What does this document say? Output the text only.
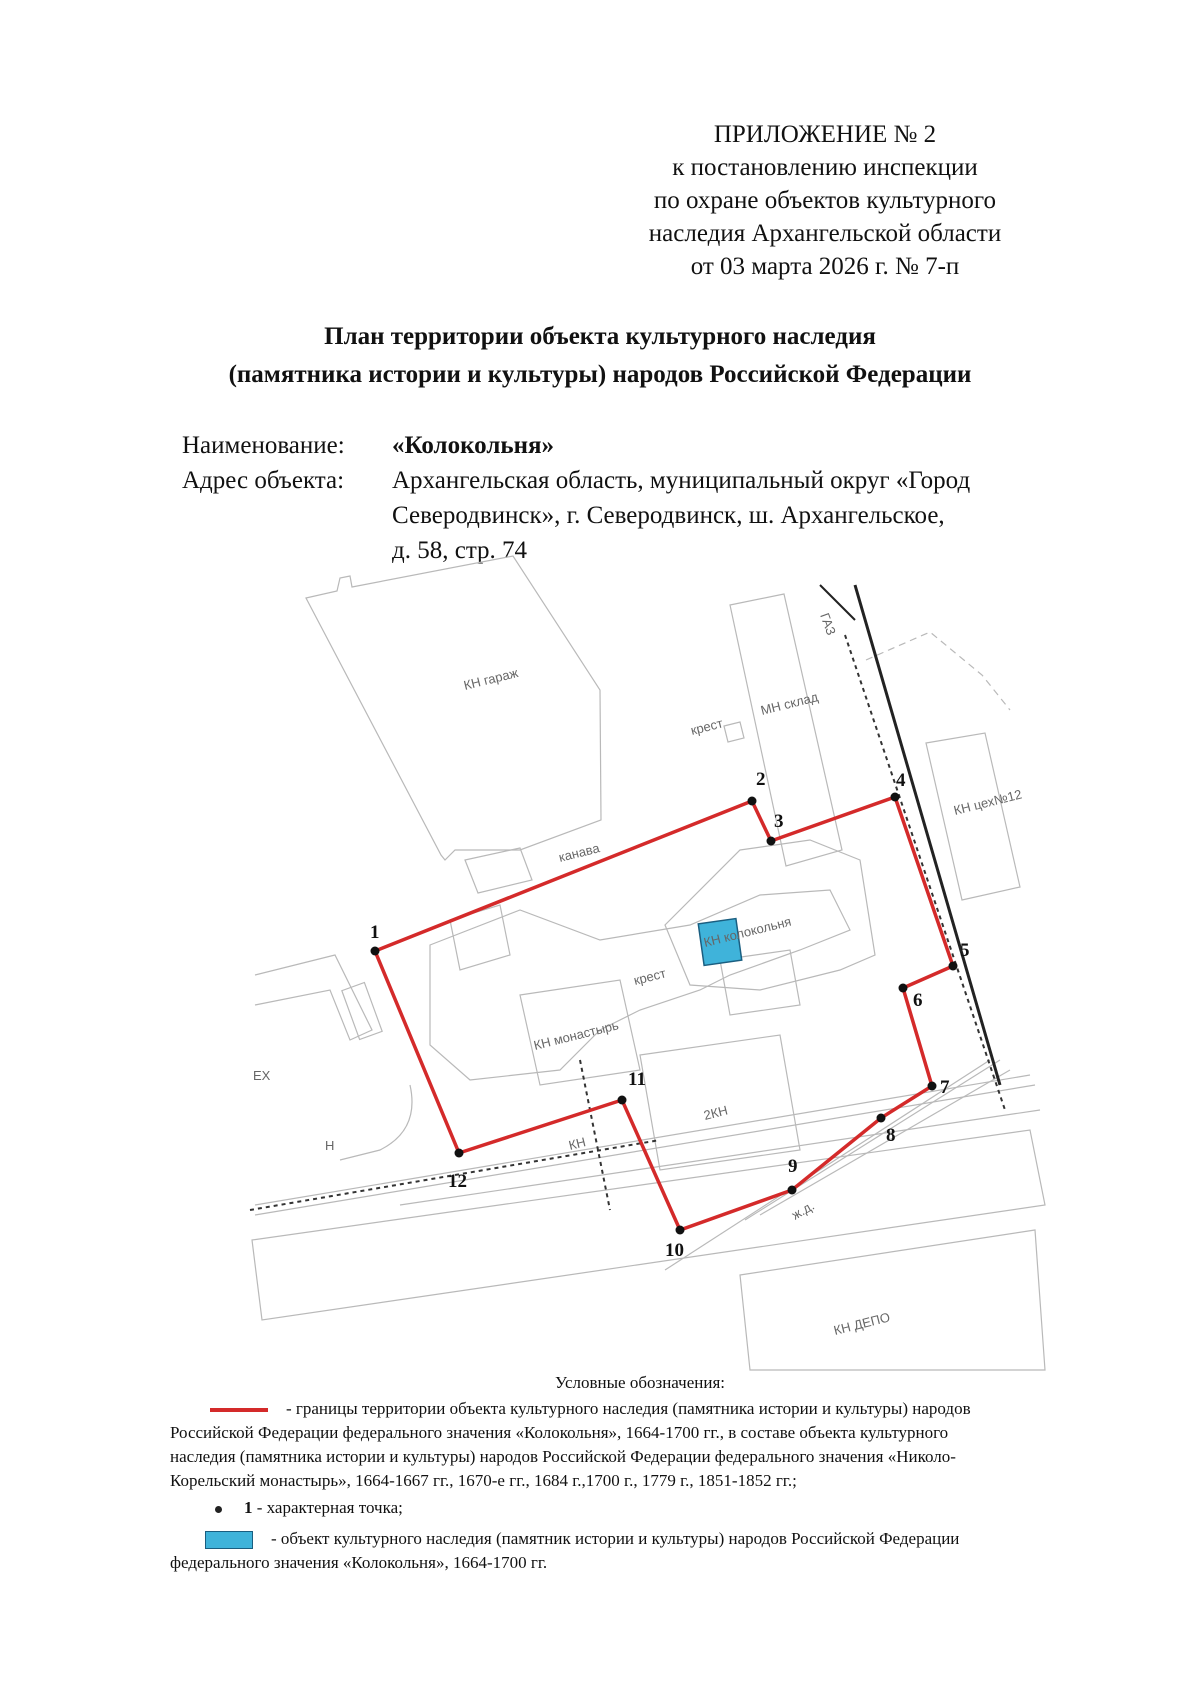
ПРИЛОЖЕНИЕ № 2
к постановлению инспекции
по охране объектов культурного
наследия Архангельской области
от 03 марта 2026 г. № 7-п
План территории объекта культурного наследия
(памятника истории и культуры) народов Российской Федерации
Наименование:	«Колокольня»
Адрес объекта:	Архангельская область, муниципальный округ «Город
Северодвинск», г. Северодвинск, ш. Архангельское,
д. 58, стр. 74
1
2
3
4
5
6
7
8
9
10
11
12
КН гараж
крест
МН склад
ГАЗ
КН цех№12
канава
КН колокольня
крест
КН монастырь
2КН
КН
ж.д.
КН ДЕПО
Н
ЕХ
Условные обозначения:
- границы территории объекта культурного наследия (памятника истории и культуры) народов
Российской Федерации федерального значения «Колокольня», 1664-1700 гг., в составе объекта культурного
наследия (памятника истории и культуры) народов Российской Федерации федерального значения «Николо-
Корельский монастырь», 1664-1667 гг., 1670-е гг., 1684 г.,1700 г., 1779 г., 1851-1852 гг.;
1 - характерная точка;
- объект культурного наследия (памятник истории и культуры) народов Российской Федерации
федерального значения «Колокольня», 1664-1700 гг.
